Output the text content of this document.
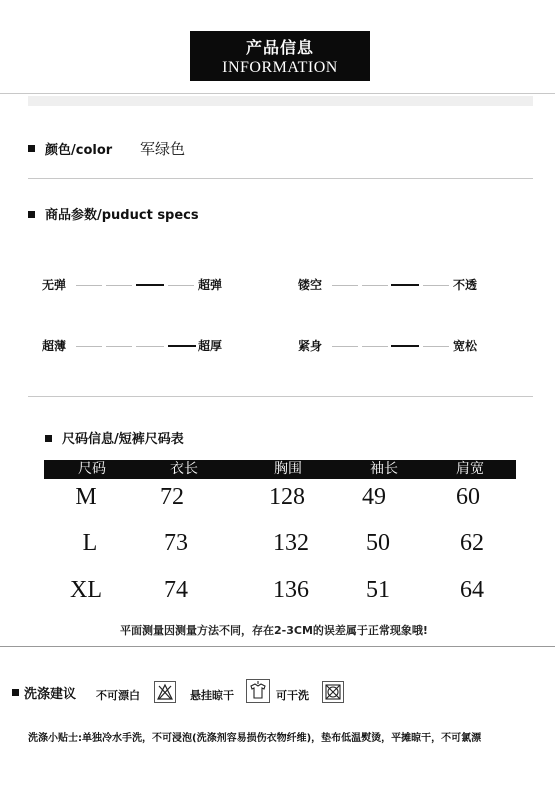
产品信息
INFORMATION
颜色/color 军绿色
商品参数/puduct specs
无弹	超弹	镂空	不透
超薄	超厚	紧身	宽松
尺码信息/短裤尺码表
尺码	衣长	胸围	袖长	肩宽
M	72	128	49	60
L	73	132	50	62
XL	74	136	51	64
平面测量因测量方法不同，存在2-3CM的误差属于正常现象哦!
洗涤建议 不可漂白	悬挂晾干	可干洗
洗涤小贴士:单独冷水手洗，不可浸泡(洗涤剂容易损伤衣物纤维)，垫布低温熨烫，平摊晾干，不可氯漂
